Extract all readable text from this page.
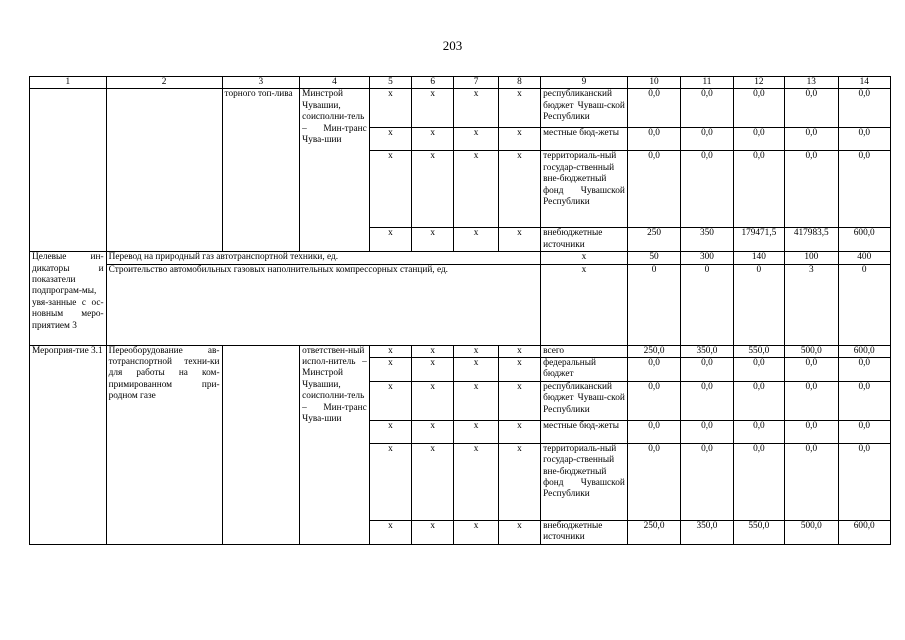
203
1	2	3	4	5	6	7	8	9	10	11	12	13	14
		торного топ-лива	Минстрой Чувашии, соисполни-тель – Мин-транс Чува-шии	x	x	x	x	республиканский бюджет Чуваш-ской Республики	0,0	0,0	0,0	0,0	0,0
				x	x	x	x	местные бюд-жеты	0,0	0,0	0,0	0,0	0,0
				x	x	x	x	территориаль-ный государ-ственный вне-бюджетный фонд Чувашской Республики	0,0	0,0	0,0	0,0	0,0
				x	x	x	x	внебюджетные источники	250	350	179471,5	417983,5	600,0
Целевые ин-дикаторы и показатели подпрограм-мы, увя-занные с ос-новным меро-приятием 3	Перевод на природный газ автотранспортной техники, ед.							x	50	300	140	100	400
	Строительство автомобильных газовых наполнительных компрессорных станций, ед.							x	0	0	0	3	0
Мероприя-тие 3.1	Переоборудование ав-тотранспортной техни-ки для работы на ком-примированном при-родном газе		ответствен-ный испол-нитель – Минстрой Чувашии, соисполни-тель – Мин-транс Чува-шии	x	x	x	x	всего	250,0	350,0	550,0	500,0	600,0
				x	x	x	x	федеральный бюджет	0,0	0,0	0,0	0,0	0,0
				x	x	x	x	республиканский бюджет Чуваш-ской Республики	0,0	0,0	0,0	0,0	0,0
				x	x	x	x	местные бюд-жеты	0,0	0,0	0,0	0,0	0,0
				x	x	x	x	территориаль-ный государ-ственный вне-бюджетный фонд Чувашской Республики	0,0	0,0	0,0	0,0	0,0
				x	x	x	x	внебюджетные источники	250,0	350,0	550,0	500,0	600,0
